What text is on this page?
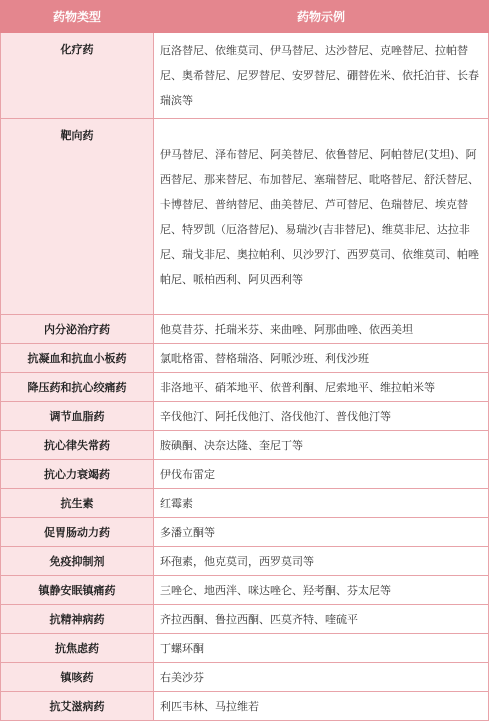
药物类型	药物示例
化疗药	厄洛替尼、依维莫司、伊马替尼、达沙替尼、克唑替尼、拉帕替尼、奥希替尼、尼罗替尼、安罗替尼、硼替佐米、依托泊苷、长春瑞滨等
靶向药	伊马替尼、泽布替尼、阿美替尼、依鲁替尼、阿帕替尼(艾坦)、阿西替尼、那来替尼、布加替尼、塞瑞替尼、吡咯替尼、舒沃替尼、卡博替尼、普纳替尼、曲美替尼、芦可替尼、色瑞替尼、埃克替尼、特罗凯（厄洛替尼)、易瑞沙(吉非替尼)、维莫非尼、达拉非尼、瑞戈非尼、奥拉帕利、贝沙罗汀、西罗莫司、依维莫司、帕唑帕尼、哌柏西利、阿贝西利等
内分泌治疗药	他莫昔芬、托瑞米芬、来曲唑、阿那曲唑、依西美坦
抗凝血和抗血小板药	氯吡格雷、替格瑞洛、阿哌沙班、利伐沙班
降压药和抗心绞痛药	非洛地平、硝苯地平、依普利酮、尼索地平、维拉帕米等
调节血脂药	辛伐他汀、阿托伐他汀、洛伐他汀、普伐他汀等
抗心律失常药	胺碘酮、决奈达隆、奎尼丁等
抗心力衰竭药	伊伐布雷定
抗生素	红霉素
促胃肠动力药	多潘立酮等
免疫抑制剂	环孢素，他克莫司，西罗莫司等
镇静安眠镇痛药	三唑仑、地西泮、咪达唑仑、羟考酮、芬太尼等
抗精神病药	齐拉西酮、鲁拉西酮、匹莫齐特、喹硫平
抗焦虑药	丁螺环酮
镇咳药	右美沙芬
抗艾滋病药	利匹韦林、马拉维若
